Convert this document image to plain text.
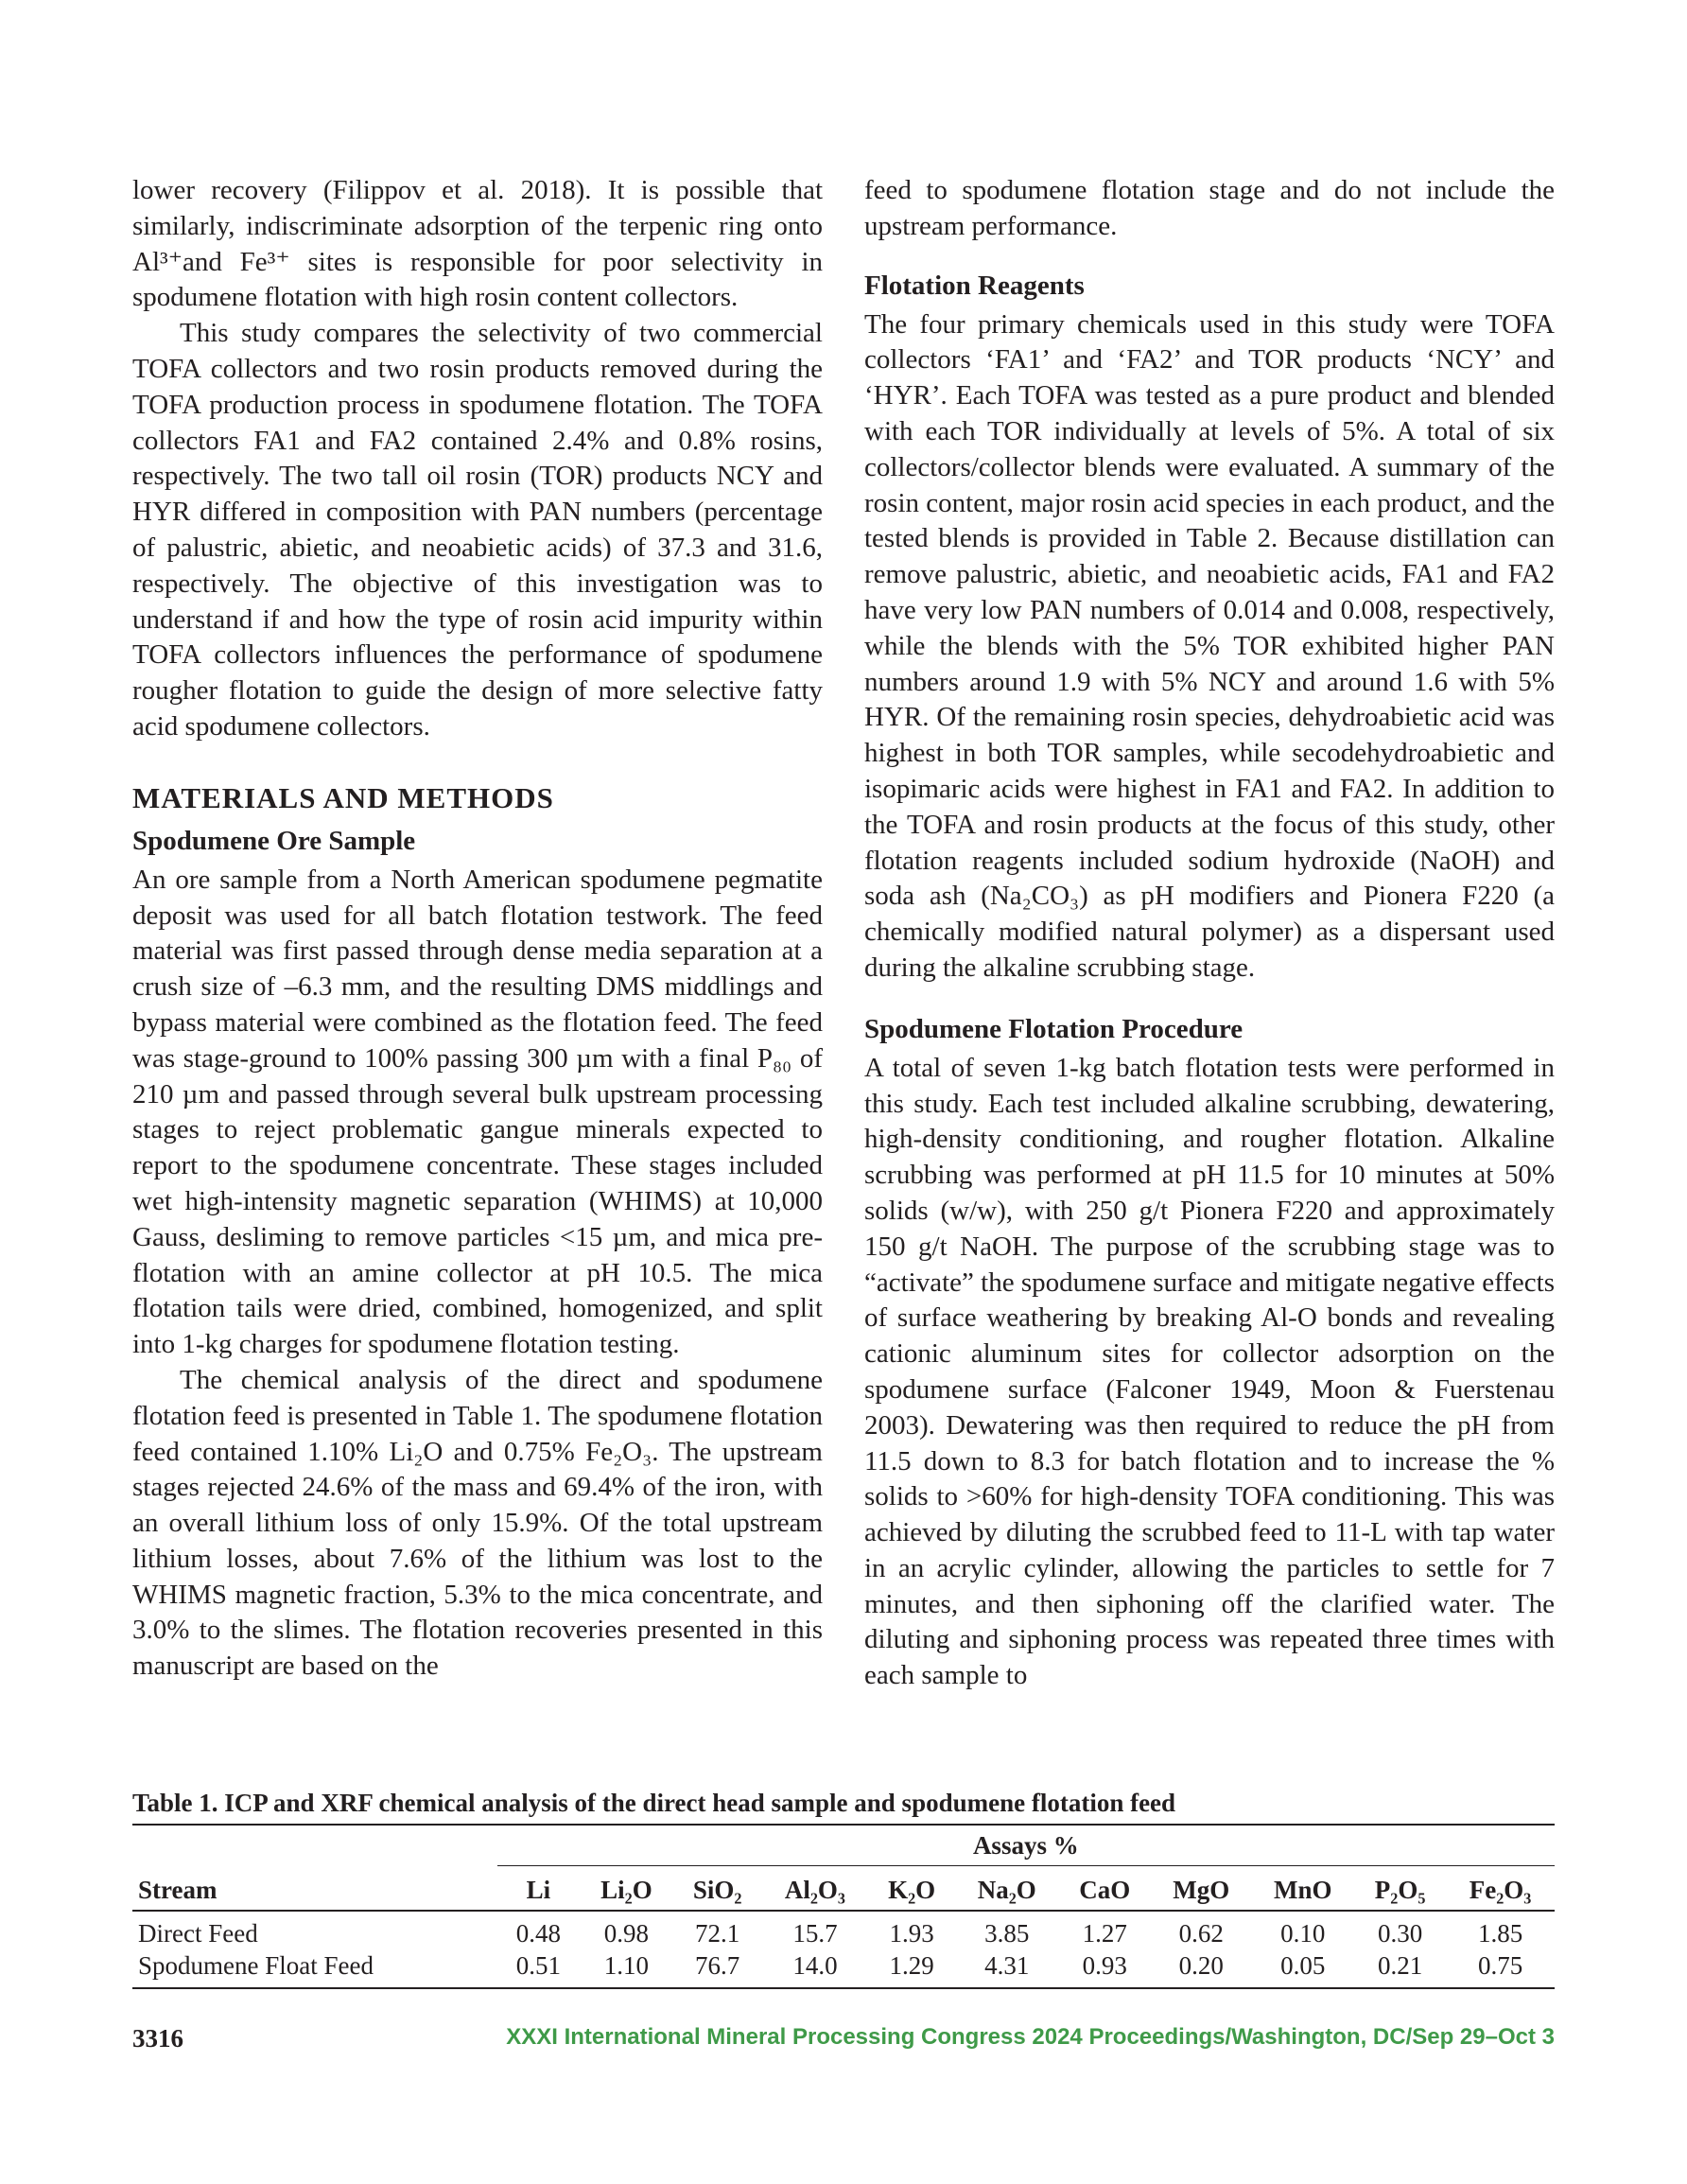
lower recovery (Filippov et al. 2018). It is possible that similarly, indiscriminate adsorption of the terpenic ring onto Al³⁺and Fe³⁺ sites is responsible for poor selectivity in spodumene flotation with high rosin content collectors.

This study compares the selectivity of two commercial TOFA collectors and two rosin products removed during the TOFA production process in spodumene flotation. The TOFA collectors FA1 and FA2 contained 2.4% and 0.8% rosins, respectively. The two tall oil rosin (TOR) products NCY and HYR differed in composition with PAN numbers (percentage of palustric, abietic, and neoabietic acids) of 37.3 and 31.6, respectively. The objective of this investigation was to understand if and how the type of rosin acid impurity within TOFA collectors influences the performance of spodumene rougher flotation to guide the design of more selective fatty acid spodumene collectors.

MATERIALS AND METHODS
Spodumene Ore Sample

An ore sample from a North American spodumene pegmatite deposit was used for all batch flotation testwork. The feed material was first passed through dense media separation at a crush size of –6.3 mm, and the resulting DMS middlings and bypass material were combined as the flotation feed. The feed was stage-ground to 100% passing 300 µm with a final P₈₀ of 210 µm and passed through several bulk upstream processing stages to reject problematic gangue minerals expected to report to the spodumene concentrate. These stages included wet high-intensity magnetic separation (WHIMS) at 10,000 Gauss, desliming to remove particles <15 µm, and mica pre-flotation with an amine collector at pH 10.5. The mica flotation tails were dried, combined, homogenized, and split into 1-kg charges for spodumene flotation testing.

The chemical analysis of the direct and spodumene flotation feed is presented in Table 1. The spodumene flotation feed contained 1.10% Li₂O and 0.75% Fe₂O₃. The upstream stages rejected 24.6% of the mass and 69.4% of the iron, with an overall lithium loss of only 15.9%. Of the total upstream lithium losses, about 7.6% of the lithium was lost to the WHIMS magnetic fraction, 5.3% to the mica concentrate, and 3.0% to the slimes. The flotation recoveries presented in this manuscript are based on the

feed to spodumene flotation stage and do not include the upstream performance.

Flotation Reagents

The four primary chemicals used in this study were TOFA collectors ‘FA1’ and ‘FA2’ and TOR products ‘NCY’ and ‘HYR’. Each TOFA was tested as a pure product and blended with each TOR individually at levels of 5%. A total of six collectors/collector blends were evaluated. A summary of the rosin content, major rosin acid species in each product, and the tested blends is provided in Table 2. Because distillation can remove palustric, abietic, and neoabietic acids, FA1 and FA2 have very low PAN numbers of 0.014 and 0.008, respectively, while the blends with the 5% TOR exhibited higher PAN numbers around 1.9 with 5% NCY and around 1.6 with 5% HYR. Of the remaining rosin species, dehydroabietic acid was highest in both TOR samples, while secodehydroabietic and isopimaric acids were highest in FA1 and FA2. In addition to the TOFA and rosin products at the focus of this study, other flotation reagents included sodium hydroxide (NaOH) and soda ash (Na₂CO₃) as pH modifiers and Pionera F220 (a chemically modified natural polymer) as a dispersant used during the alkaline scrubbing stage.

Spodumene Flotation Procedure

A total of seven 1-kg batch flotation tests were performed in this study. Each test included alkaline scrubbing, dewatering, high-density conditioning, and rougher flotation. Alkaline scrubbing was performed at pH 11.5 for 10 minutes at 50% solids (w/w), with 250 g/t Pionera F220 and approximately 150 g/t NaOH. The purpose of the scrubbing stage was to “activate” the spodumene surface and mitigate negative effects of surface weathering by breaking Al-O bonds and revealing cationic aluminum sites for collector adsorption on the spodumene surface (Falconer 1949, Moon & Fuerstenau 2003). Dewatering was then required to reduce the pH from 11.5 down to 8.3 for batch flotation and to increase the % solids to >60% for high-density TOFA conditioning. This was achieved by diluting the scrubbed feed to 11-L with tap water in an acrylic cylinder, allowing the particles to settle for 7 minutes, and then siphoning off the clarified water. The diluting and siphoning process was repeated three times with each sample to

Table 1. ICP and XRF chemical analysis of the direct head sample and spodumene flotation feed
	Assays %										
Stream	Li	Li₂O	SiO₂	Al₂O₃	K₂O	Na₂O	CaO	MgO	MnO	P₂O₅	Fe₂O₃
Direct Feed	0.48	0.98	72.1	15.7	1.93	3.85	1.27	0.62	0.10	0.30	1.85
Spodumene Float Feed	0.51	1.10	76.7	14.0	1.29	4.31	0.93	0.20	0.05	0.21	0.75
3316	XXXI International Mineral Processing Congress 2024 Proceedings/Washington, DC/Sep 29–Oct 3
